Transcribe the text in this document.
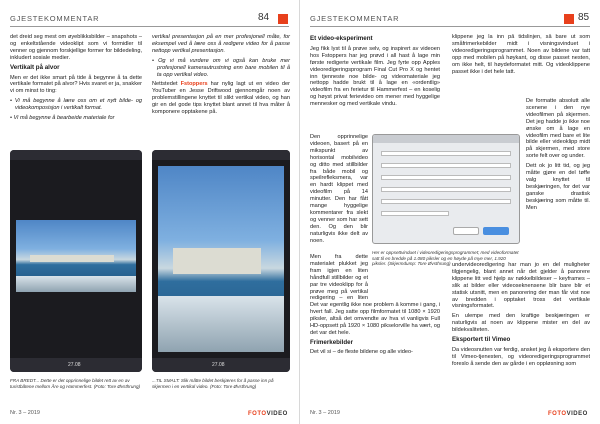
GJESTEKOMMENTAR	84

det dreid seg mest om øyeblikksbilder – snapshots – og enkeltstående videoklipt som vi formidler til venner og gjennom forskjellige former for bildedeling, inkludert sosiale medier.

Vertikalt på alvor

Men er det ikke smart på tide å begynne å ta dette vertikale formatet på alvor? Hvis svaret er ja, snakker vi om minst to ting:

• Vi må begynne å lære oss om et nytt bilde- og videokomposisjon i vertikalt format.

• Vi må begynne å bearbeide materiale for

vertikal presentasjon på en mer profesjonell måte, for eksempel ved å lære oss å redigere video for å passe nettopp vertikal presentasjon.

• Og vi må vurdere om vi også kan bruke mer profesjonell kamerautrustning enn bare mobilen til å ta opp vertikal video.

Nettstedet Fstoppers har nylig lagt ut en video der YouTuber en Jesse Driftwood gjennomgår noen av problemstillingene knyttet til slikt vertikal video, og han gir en del gode tips knyttet blant annet til hva måter å komponere opptakene på.

27.08
FRA BREDT... Dette er det opprinnelige bildet rett av en av turistbåtene mellom Åre og Hammerfest. (Foto: Tore Øvsthrung)
27.08
...TIL SMALT: Slik måtte bildet beskjæres for å passe inn på skjermen i en vertikal video. (Foto: Tore Øvsthrung)
Nr. 3 – 2019	FOTOVIDEO
GJESTEKOMMENTAR	85

Et video-eksperiment

Jeg fikk lyst til å prøve selv, og inspirert av videoen hos Fstoppers har jeg prøvd i all hast å lage min første redigerte vertikale film. Jeg fyrte opp Apples videoredigeringsprogram Final Cut Pro X og hentet inn tjenneste noe bilde- og videomateriale jeg nettopp hadde brukt til å lage en «ordentlig» videofilm fra en ferietur til Hammerfest – en koselig og høyst privat ferievideo om mener med hyggelige mennesker og med vertikale vindu.

Den opprinnelige videoen, basert på en mikspunkt av horisontal mobilvideo og ditto med stillbilder fra både mobil og speilrefleksmera, var en hardt klippet med videofilm på 14 minutter. Den har fått mange hyggelige kommentarer fra slekt og venner som har sett den. Og den blir naturligvis ikke delt av noen.

Her er oppsettvinduet i videoredigeringsprogrammet; med videoformatet satt til en bredde på 1.080 piksler og en høyde på mye mer, 1.920 piksler. (Skjermdump: Tore Øvsthrung)

Men fra dette materialet plukket jeg fram igjen en liten håndfull stillbilder og et par tre videoklipp for å prøve meg på vertikal redigering – en liten

Det var egentlig ikke noe problem å komme i gang, i hvert fall. Jeg satte opp filmformatet til 1080 × 1920 piksler, altså det omvendte av hva vi vanligvis Full HD-oppsett på 1920 × 1080 pikselorville ha vært, og det var det hele.

Frimerkebilder

Det vil si – de fleste bildene og alle video-

klippene jeg la inn på tidslinjen, så bare ut som småfrimerkebilder midt i visningsvinduet i videoredigeringsprogrammet. Noen av bildene var tatt opp med mobilen på høykant, og disse passet nesten, om ikke helt, til høydeformatet mitt. Og videoklippene passet ikke i det hele tatt.

De formatte absolutt alle scenene i den nye videofilmen på skjermen. Det jeg hadde jo ikke noe ønske om å lage en videofilm med bare et lite bilde eller videoklipp midt på skjermen, med store sorte felt over og under.

Dett ok jo litt tid, og jeg måtte gjøre en del tøffe valg knyttet til beskjæringen, for det var ganske drastisk beskjæring som måtte til. Men

undervideoredigering har man jo en del muligheter tilgjengelig, blant annet når det gjelder å panorere klippene litt ved hjelp av nøkkelbildeser – keyframes – slik at bilder eller videoseknensene blir bare blir et statisk utsnitt, men en panorering der man får vist noe av bredden i opptaket tross det vertikale visningsformatet.

En ulempe med den kraftige beskjæringen er naturligvis at noen av klippene mister en del av bildekvaliteten.

Eksportert til Vimeo

Da videosnutten var ferdig, ansket jeg å eksportere den til Vimeo-tjenesten, og videoredigeringsprogrammet foreslo å sende den av gårde i en oppløsning som

Nr. 3 – 2019	FOTOVIDEO
